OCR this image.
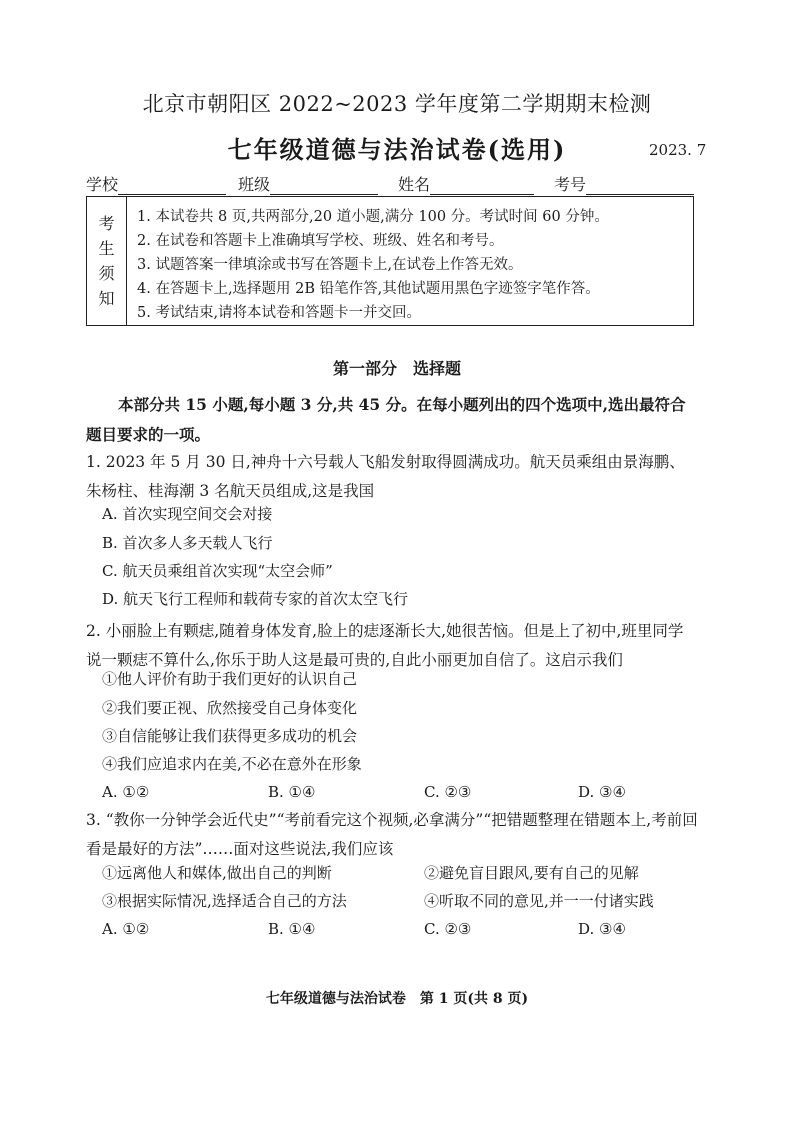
北京市朝阳区 2022~2023 学年度第二学期期末检测
七年级道德与法治试卷(选用)	2023. 7
学校	班级	姓名	考号
考
生
须
知
1. 本试卷共 8 页,共两部分,20 道小题,满分 100 分。考试时间 60 分钟。
2. 在试卷和答题卡上准确填写学校、班级、姓名和考号。
3. 试题答案一律填涂或书写在答题卡上,在试卷上作答无效。
4. 在答题卡上,选择题用 2B 铅笔作答,其他试题用黑色字迹签字笔作答。
5. 考试结束,请将本试卷和答题卡一并交回。
第一部分　选择题
本部分共 15 小题,每小题 3 分,共 45 分。在每小题列出的四个选项中,选出最符合题目要求的一项。
1. 2023 年 5 月 30 日,神舟十六号载人飞船发射取得圆满成功。航天员乘组由景海鹏、朱杨柱、桂海潮 3 名航天员组成,这是我国
A. 首次实现空间交会对接
B. 首次多人多天载人飞行
C. 航天员乘组首次实现“太空会师”
D. 航天飞行工程师和载荷专家的首次太空飞行
2. 小丽脸上有颗痣,随着身体发育,脸上的痣逐渐长大,她很苦恼。但是上了初中,班里同学说一颗痣不算什么,你乐于助人这是最可贵的,自此小丽更加自信了。这启示我们
①他人评价有助于我们更好的认识自己
②我们要正视、欣然接受自己身体变化
③自信能够让我们获得更多成功的机会
④我们应追求内在美,不必在意外在形象
A. ①②	B. ①④	C. ②③	D. ③④
3. “教你一分钟学会近代史”“考前看完这个视频,必拿满分”“把错题整理在错题本上,考前回看是最好的方法”……面对这些说法,我们应该
①远离他人和媒体,做出自己的判断	②避免盲目跟风,要有自己的见解
③根据实际情况,选择适合自己的方法	④听取不同的意见,并一一付诸实践
A. ①②	B. ①④	C. ②③	D. ③④
七年级道德与法治试卷　第 1 页(共 8 页)
